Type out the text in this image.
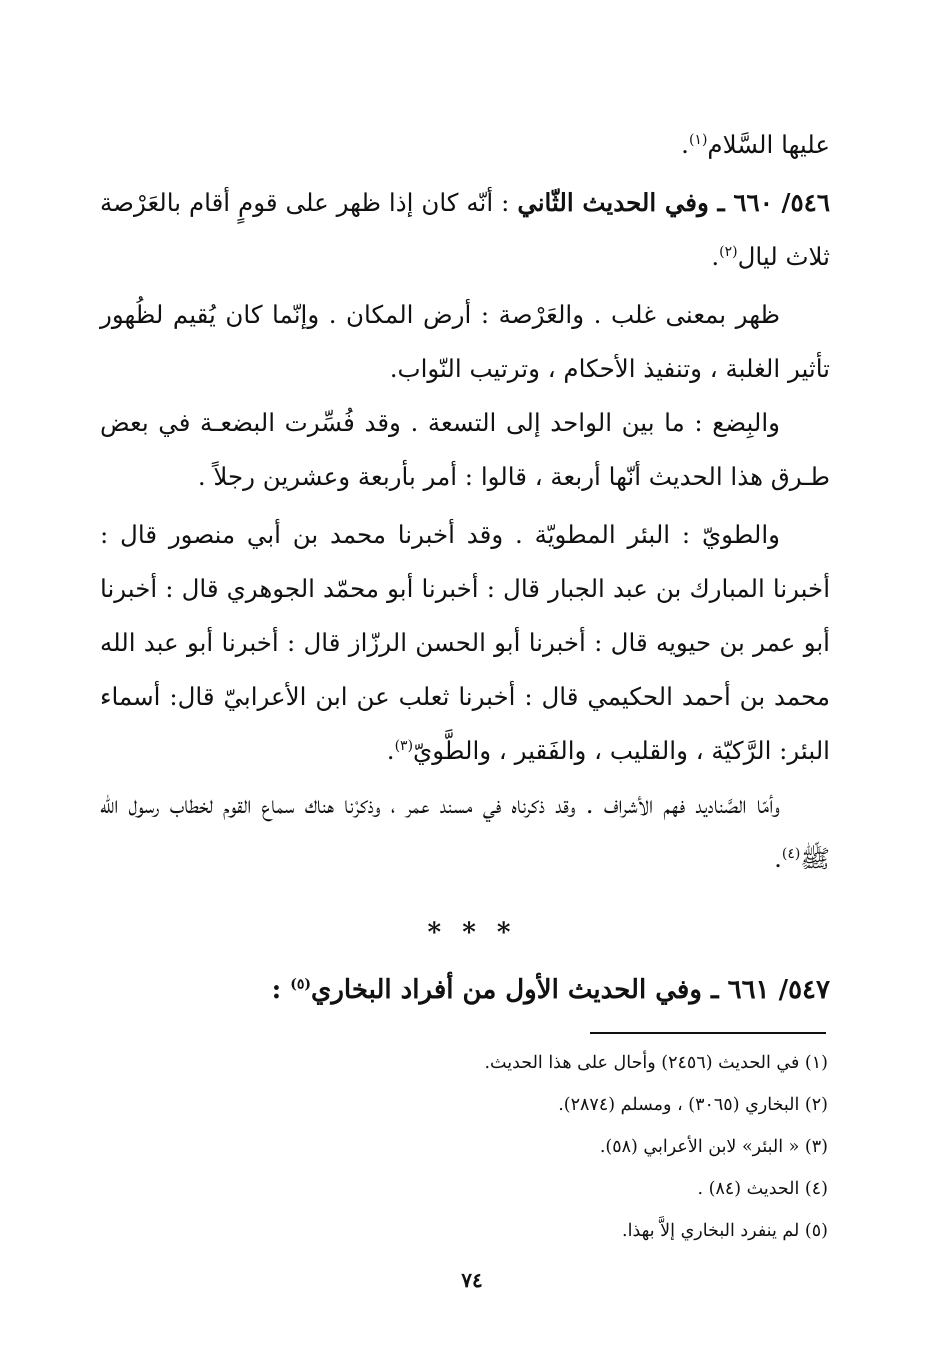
عليها السَّلام$^{(١)}$.

٥٤٦/ ٦٦٠ ـ وفي الحديث الثّاني : أنّه كان إذا ظهر على قومٍ أقام بالعَرْصة ثلاث ليال$^{(٢)}$.

ظهر بمعنى غلب . والعَرْصة : أرض المكان . وإنّما كان يُقيم لظُهور تأثير الغلبة ، وتنفيذ الأحكام ، وترتيب النّواب.

والبِضع : ما بين الواحد إلى التسعة . وقد فُسِّرت البضعـة في بعض طـرق هذا الحديث أنّها أربعة ، قالوا : أمر بأربعة وعشرين رجلاً .

والطويّ : البئر المطويّة . وقد أخبرنا محمد بن أبي منصور قال : أخبرنا المبارك بن عبد الجبار قال : أخبرنا أبو محمّد الجوهري قال : أخبرنا أبو عمر بن حيويه قال : أخبرنا أبو الحسن الرزّاز قال : أخبرنا أبو عبد الله محمد بن أحمد الحكيمي قال : أخبرنا ثعلب عن ابن الأعرابيّ قال: أسماء البئر: الرَّكيّة ، والقليب ، والفَقير ، والطَّويّ$^{(٣)}$.

وأمّا الصَّناديد فهم الأشراف . وقد ذكرناه في مسند عمر ، وذكرْنا هناك سماع القوم لخطاب رسول الله ﷺ$^{(٤)}$.

* * *
٥٤٧/ ٦٦١ ـ وفي الحديث الأول من أفراد البخاري$^{(٥)}$ :
(١) في الحديث (٢٤٥٦) وأحال على هذا الحديث.
(٢) البخاري (٣٠٦٥) ، ومسلم (٢٨٧٤).
(٣) « البئر» لابن الأعرابي (٥٨).
(٤) الحديث (٨٤) .
(٥) لم ينفرد البخاري إلاَّ بهذا.
٧٤
